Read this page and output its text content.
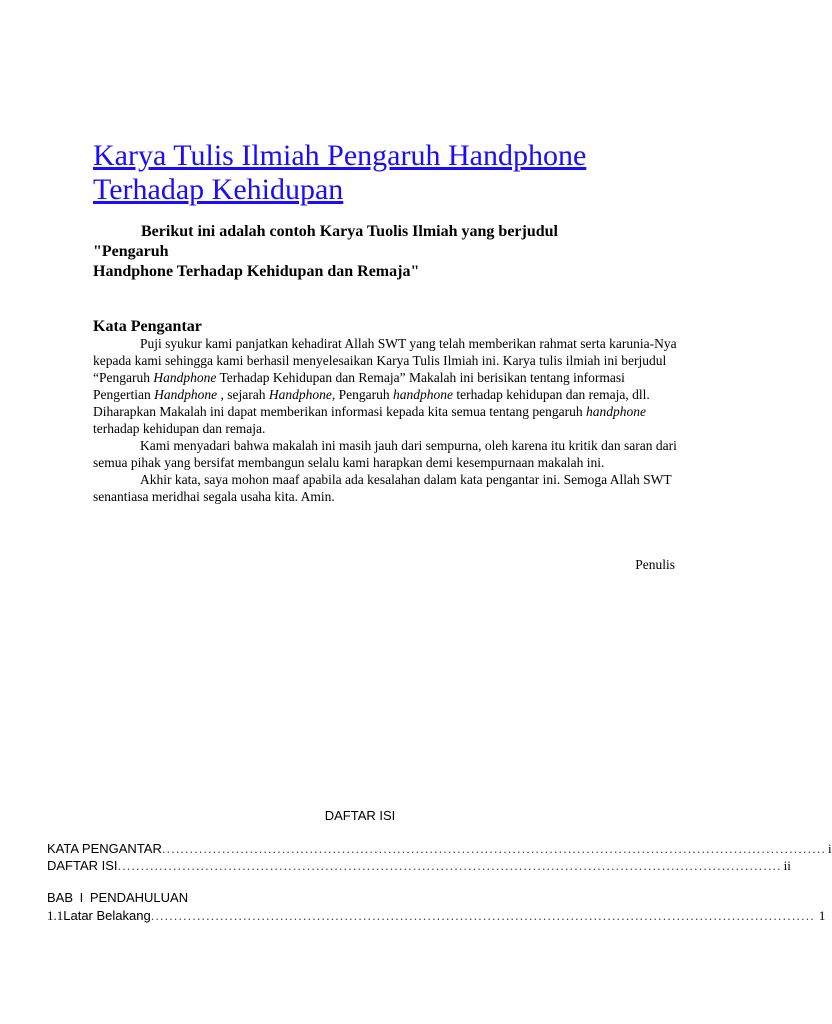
Karya Tulis Ilmiah Pengaruh Handphone
Terhadap Kehidupan
Berikut ini adalah contoh Karya Tuolis Ilmiah yang berjudul
"Pengaruh
Handphone Terhadap Kehidupan dan Remaja"
Kata Pengantar

Puji syukur kami panjatkan kehadirat Allah SWT yang telah memberikan rahmat serta karunia-Nya kepada kami sehingga kami berhasil menyelesaikan Karya Tulis Ilmiah ini. Karya tulis ilmiah ini berjudul “Pengaruh Handphone Terhadap Kehidupan dan Remaja” Makalah ini berisikan tentang informasi Pengertian Handphone , sejarah Handphone, Pengaruh handphone terhadap kehidupan dan remaja, dll. Diharapkan Makalah ini dapat memberikan informasi kepada kita semua tentang pengaruh handphone terhadap kehidupan dan remaja.

Kami menyadari bahwa makalah ini masih jauh dari sempurna, oleh karena itu kritik dan saran dari semua pihak yang bersifat membangun selalu kami harapkan demi kesempurnaan makalah ini.

Akhir kata, saya mohon maaf apabila ada kesalahan dalam kata pengantar ini. Semoga Allah SWT senantiasa meridhai segala usaha kita. Amin.

Penulis
DAFTAR ISI
KATA PENGANTAR ................................................................................................................................................ i
DAFTAR ISI ................................................................................................................................................ ii
BAB I PENDAHULUAN
1.1 Latar Belakang ................................................................................................................................................ 1
